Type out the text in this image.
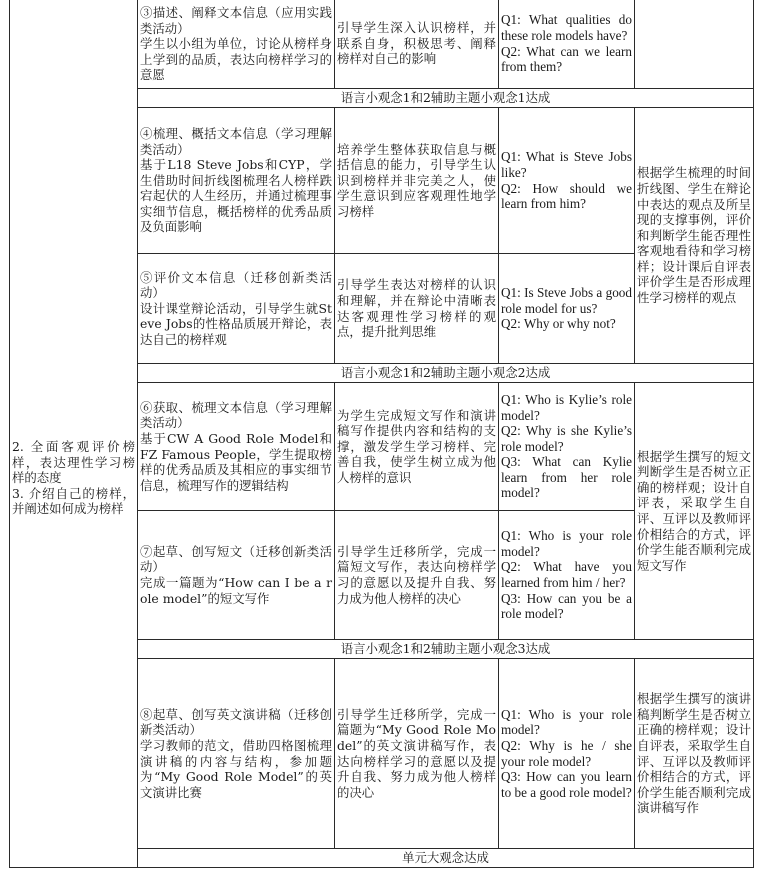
	③描述、阐释文本信息（应用实践类活动）
学生以小组为单位，讨论从榜样身上学到的品质，表达向榜样学习的意愿	引导学生深入认识榜样，并联系自身，积极思考、阐释榜样对自己的影响	Q1: What qualities do these role models have?
Q2: What can we learn from them?	

	语言小观念1和2辅助主题小观念1达成			

2. 全面客观评价榜样，表达理性学习榜样的态度
3. 介绍自己的榜样，并阐述如何成为榜样	④梳理、概括文本信息（学习理解类活动）
基于L18 Steve Jobs和CYP，学生借助时间折线图梳理名人榜样跌宕起伏的人生经历，并通过梳理事实细节信息，概括榜样的优秀品质及负面影响	培养学生整体获取信息与概括信息的能力，引导学生认识到榜样并非完美之人，使学生意识到应客观理性地学习榜样	Q1: What is Steve Jobs like?
Q2: How should we learn from him?	根据学生梳理的时间折线图、学生在辩论中表达的观点及所呈现的支撑事例，评价和判断学生能否理性客观地看待和学习榜样；设计课后自评表评价学生是否形成理性学习榜样的观点

	⑤评价文本信息（迁移创新类活动）
设计课堂辩论活动，引导学生就Steve Jobs的性格品质展开辩论，表达自己的榜样观	引导学生表达对榜样的认识和理解，并在辩论中清晰表达客观理性学习榜样的观点，提升批判思维	Q1: Is Steve Jobs a good role model for us?
Q2: Why or why not?	

	语言小观念1和2辅助主题小观念2达成			

	⑥获取、梳理文本信息（学习理解类活动）
基于CW A Good Role Model和FZ Famous People，学生提取榜样的优秀品质及其相应的事实细节信息，梳理写作的逻辑结构	为学生完成短文写作和演讲稿写作提供内容和结构的支撑，激发学生学习榜样、完善自我，使学生树立成为他人榜样的意识	Q1: Who is Kylie’s role model?
Q2: Why is she Kylie’s role model?
Q3: What can Kylie learn from her role model?	根据学生撰写的短文判断学生是否树立正确的榜样观；设计自评表，采取学生自评、互评以及教师评价相结合的方式，评价学生能否顺利完成短文写作

	⑦起草、创写短文（迁移创新类活动）
完成一篇题为“How can I be a role model”的短文写作	引导学生迁移所学，完成一篇短文写作，表达向榜样学习的意愿以及提升自我、努力成为他人榜样的决心	Q1: Who is your role model?
Q2: What have you learned from him / her?
Q3: How can you be a role model?	

	语言小观念1和2辅助主题小观念3达成			

	⑧起草、创写英文演讲稿（迁移创新类活动）
学习教师的范文，借助四格图梳理演讲稿的内容与结构，参加题为“My Good Role Model”的英文演讲比赛	引导学生迁移所学，完成一篇题为“My Good Role Model”的英文演讲稿写作，表达向榜样学习的意愿以及提升自我、努力成为他人榜样的决心	Q1: Who is your role model?
Q2: Why is he / she your role model?
Q3: How can you learn to be a good role model?	根据学生撰写的演讲稿判断学生是否树立正确的榜样观；设计自评表，采取学生自评、互评以及教师评价相结合的方式，评价学生能否顺利完成演讲稿写作

	单元大观念达成			
